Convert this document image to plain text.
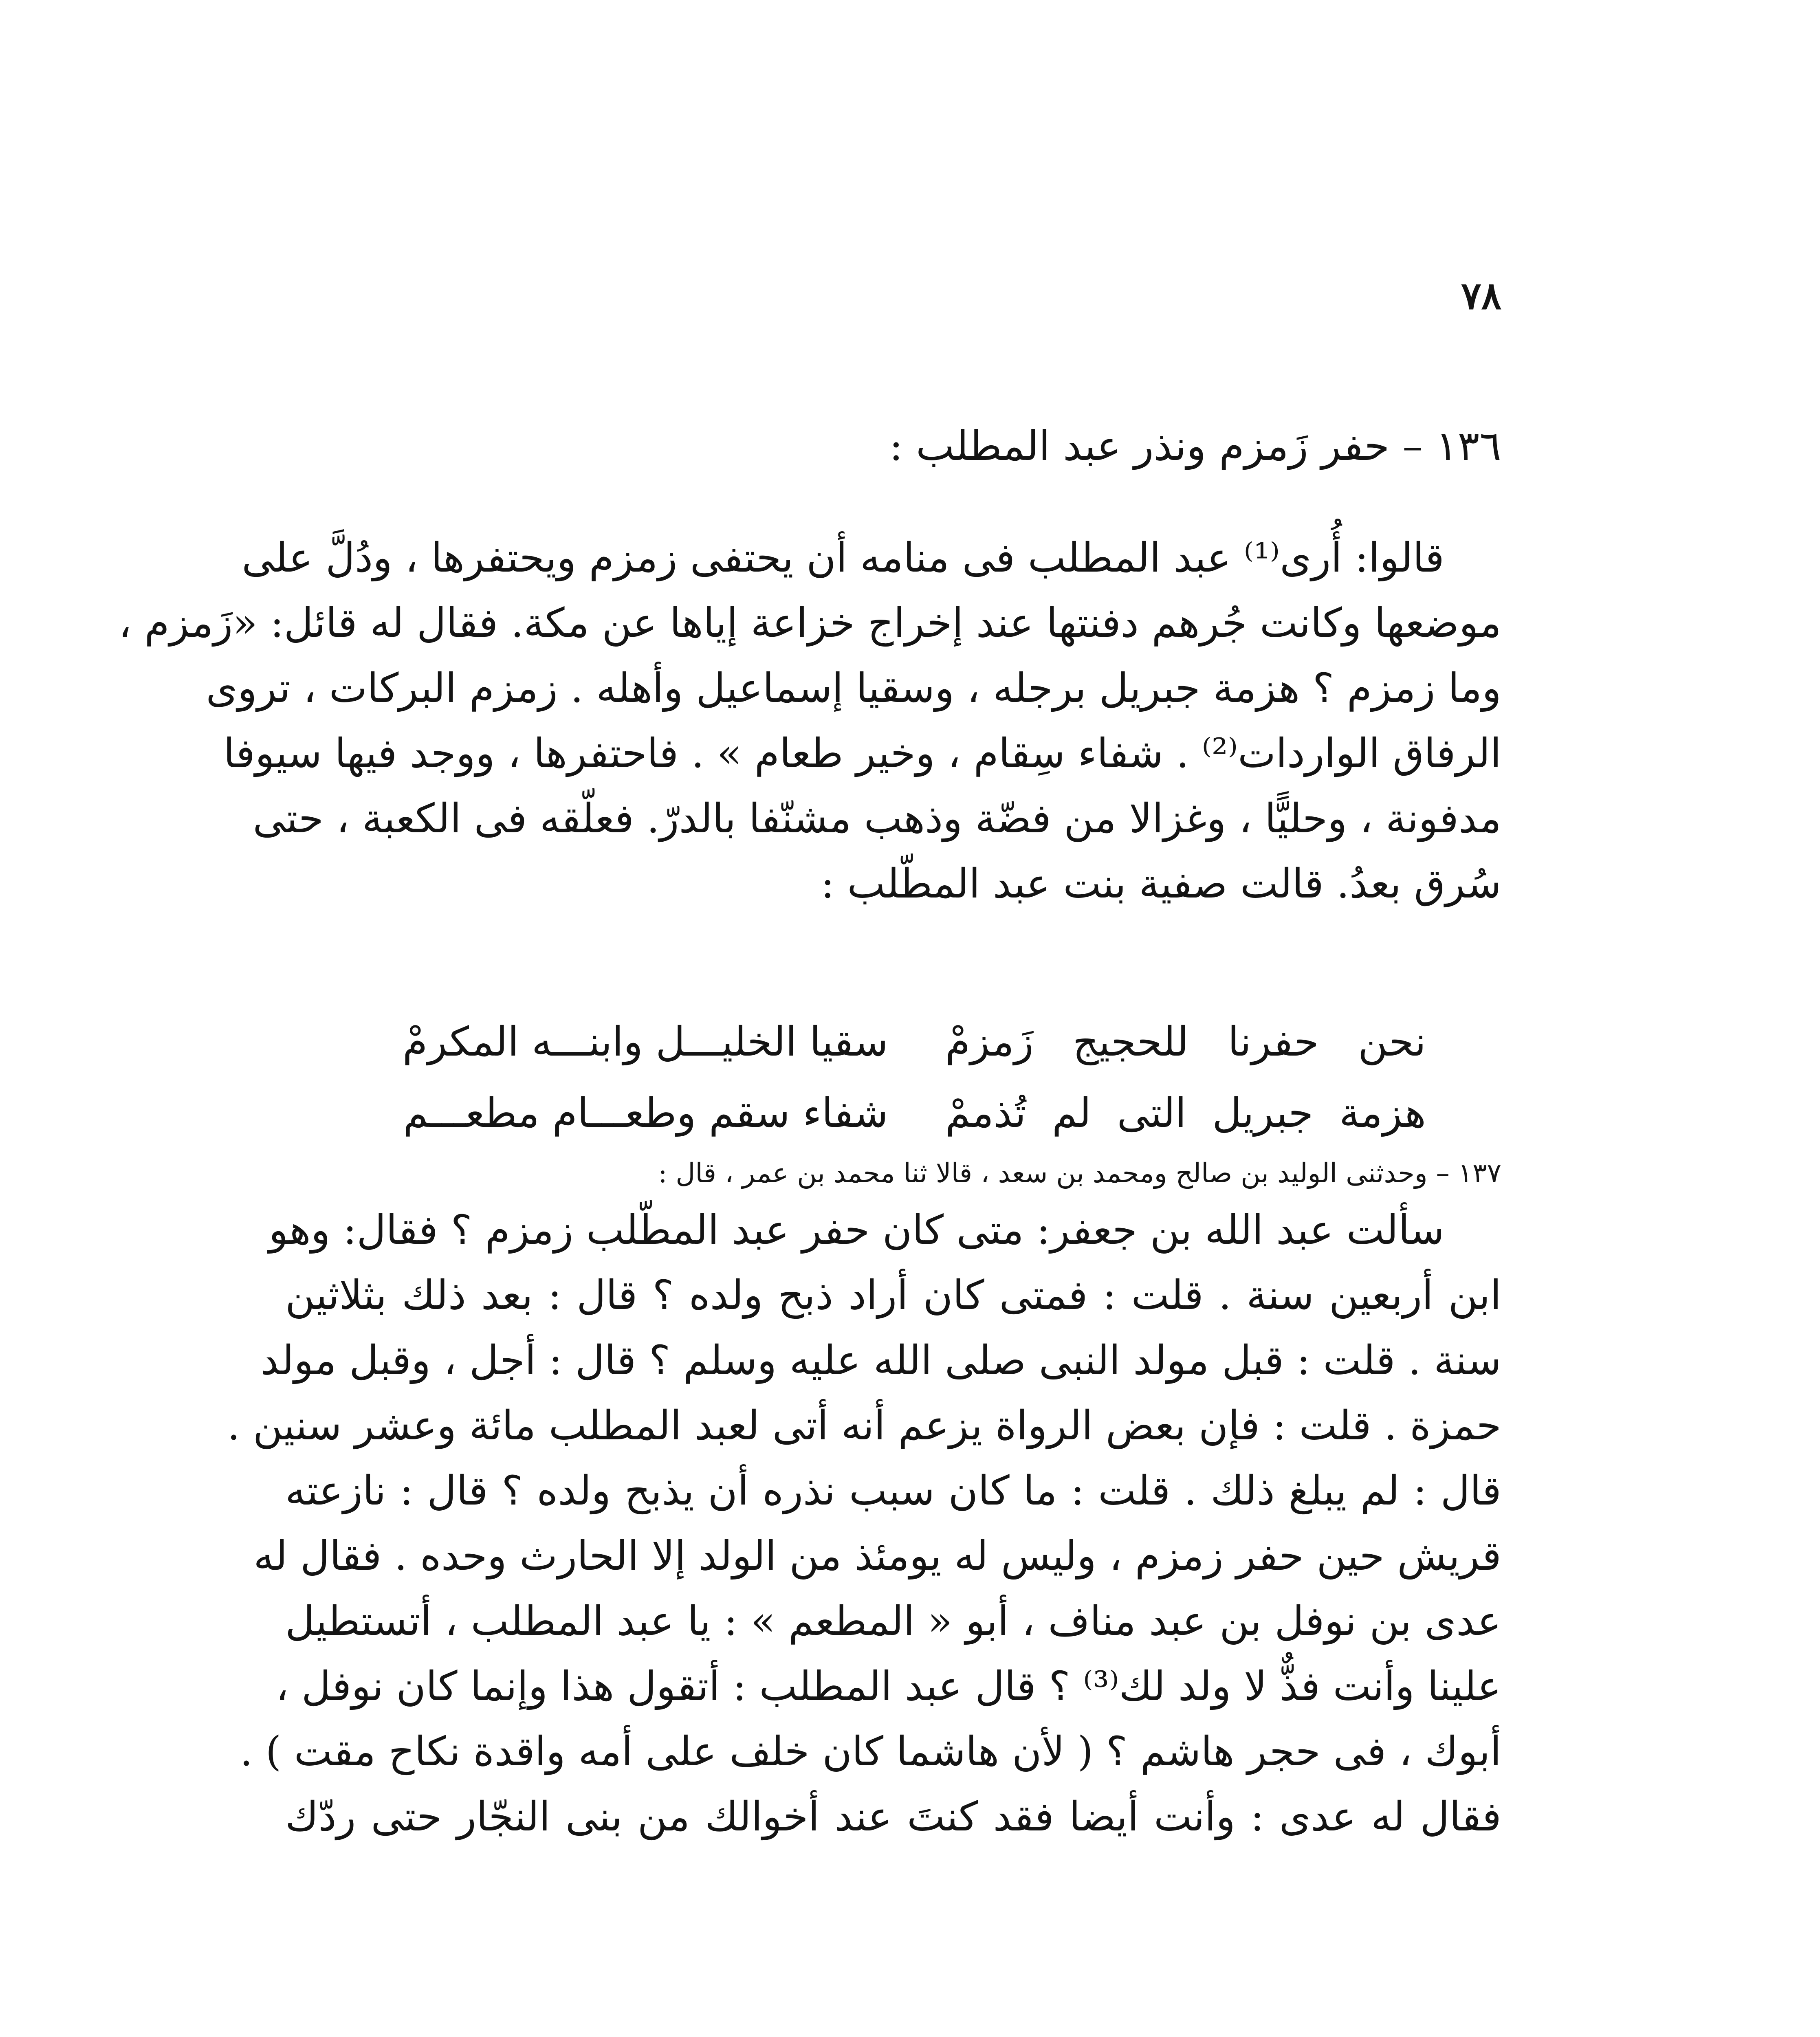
٧٨
١٣٦ – حفر زَمزم ونذر عبد المطلب :
قالوا: أُرى⁽¹⁾ عبد المطلب فى منامه أن يحتفى زمزم ويحتفرها ، ودُلَّ على
موضعها وكانت جُرهم دفنتها عند إخراج خزاعة إياها عن مكة. فقال له قائل: «زَمزم ،
وما زمزم ؟ هزمة جبريل برجله ، وسقيا إسماعيل وأهله . زمزم البركات ، تروى
الرفاق الواردات⁽²⁾ . شفاء سِقام ، وخير طعام » . فاحتفرها ، ووجد فيها سيوفا
مدفونة ، وحليًّا ، وغزالا من فضّة وذهب مشنّفا بالدرّ. فعلّقه فى الكعبة ، حتى
سُرق بعدُ. قالت صفية بنت عبد المطّلب :
نحن حفرنا للحجيج زَمزمْ
سقيا الخليـــل وابنـــه المكرمْ
هزمة جبريل التى لم تُذممْ
شفاء سقم وطعـــام مطعـــم
١٣٧ – وحدثنى الوليد بن صالح ومحمد بن سعد ، قالا ثنا محمد بن عمر ، قال :
سألت عبد الله بن جعفر: متى كان حفر عبد المطّلب زمزم ؟ فقال: وهو
ابن أربعين سنة . قلت : فمتى كان أراد ذبح ولده ؟ قال : بعد ذلك بثلاثين
سنة . قلت : قبل مولد النبى صلى الله عليه وسلم ؟ قال : أجل ، وقبل مولد
حمزة . قلت : فإن بعض الرواة يزعم أنه أتى لعبد المطلب مائة وعشر سنين .
قال : لم يبلغ ذلك . قلت : ما كان سبب نذره أن يذبح ولده ؟ قال : نازعته
قريش حين حفر زمزم ، وليس له يومئذ من الولد إلا الحارث وحده . فقال له
عدى بن نوفل بن عبد مناف ، أبو « المطعم » : يا عبد المطلب ، أتستطيل
علينا وأنت فذٌّ لا ولد لك⁽³⁾ ؟ قال عبد المطلب : أتقول هذا وإنما كان نوفل ،
أبوك ، فى حجر هاشم ؟ ( لأن هاشما كان خلف على أمه واقدة نكاح مقت ) .
فقال له عدى : وأنت أيضا فقد كنتَ عند أخوالك من بنى النجّار حتى ردّك
